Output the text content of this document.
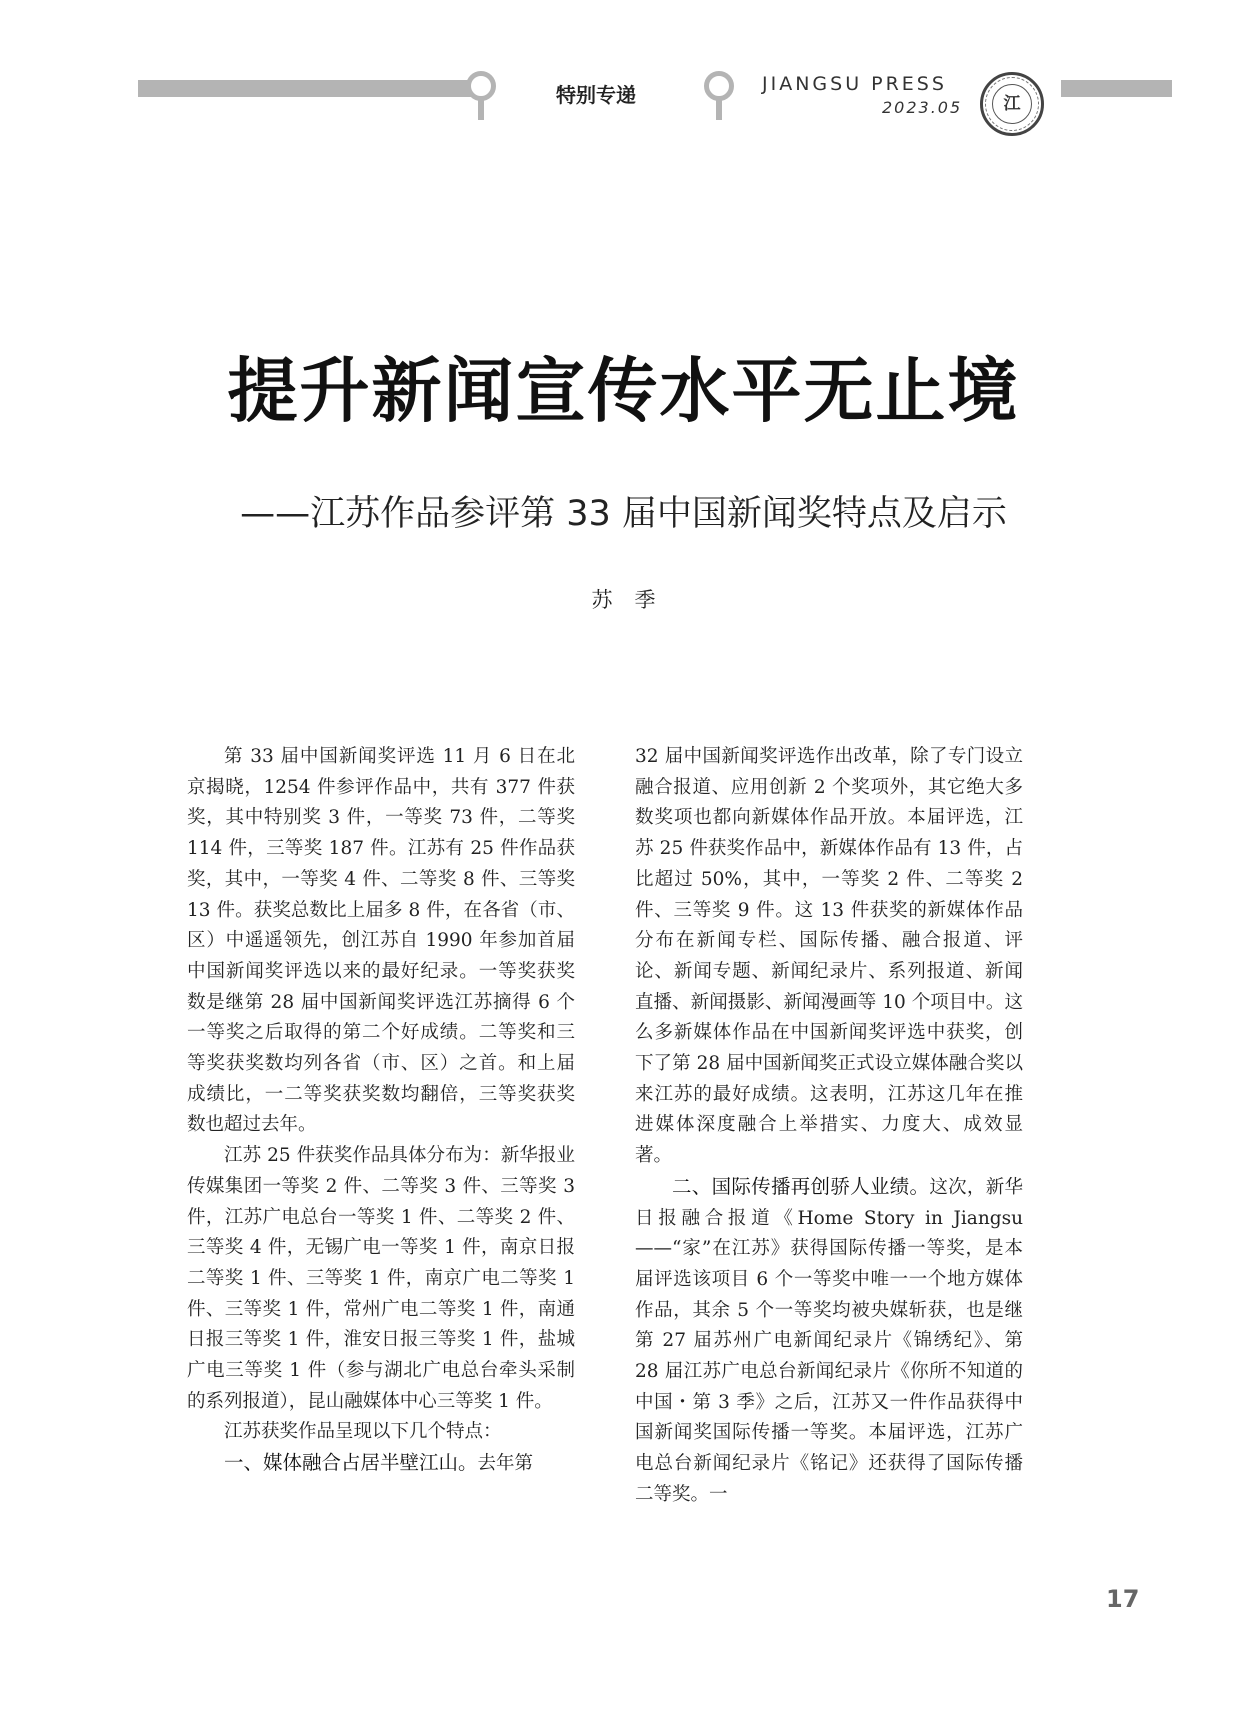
特别专递	JIANGSU PRESS
2023.05	江
提升新闻宣传水平无止境
——江苏作品参评第 33 届中国新闻奖特点及启示
苏季

第 33 届中国新闻奖评选 11 月 6 日在北京揭晓，1254 件参评作品中，共有 377 件获奖，其中特别奖 3 件，一等奖 73 件，二等奖 114 件，三等奖 187 件。江苏有 25 件作品获奖，其中，一等奖 4 件、二等奖 8 件、三等奖 13 件。获奖总数比上届多 8 件，在各省（市、区）中遥遥领先，创江苏自 1990 年参加首届中国新闻奖评选以来的最好纪录。一等奖获奖数是继第 28 届中国新闻奖评选江苏摘得 6 个一等奖之后取得的第二个好成绩。二等奖和三等奖获奖数均列各省（市、区）之首。和上届成绩比，一二等奖获奖数均翻倍，三等奖获奖数也超过去年。

江苏 25 件获奖作品具体分布为：新华报业传媒集团一等奖 2 件、二等奖 3 件、三等奖 3 件，江苏广电总台一等奖 1 件、二等奖 2 件、三等奖 4 件，无锡广电一等奖 1 件，南京日报二等奖 1 件、三等奖 1 件，南京广电二等奖 1 件、三等奖 1 件，常州广电二等奖 1 件，南通日报三等奖 1 件，淮安日报三等奖 1 件，盐城广电三等奖 1 件（参与湖北广电总台牵头采制的系列报道），昆山融媒体中心三等奖 1 件。

江苏获奖作品呈现以下几个特点：

一、媒体融合占居半壁江山。去年第

32 届中国新闻奖评选作出改革，除了专门设立融合报道、应用创新 2 个奖项外，其它绝大多数奖项也都向新媒体作品开放。本届评选，江苏 25 件获奖作品中，新媒体作品有 13 件，占比超过 50%，其中，一等奖 2 件、二等奖 2 件、三等奖 9 件。这 13 件获奖的新媒体作品分布在新闻专栏、国际传播、融合报道、评论、新闻专题、新闻纪录片、系列报道、新闻直播、新闻摄影、新闻漫画等 10 个项目中。这么多新媒体作品在中国新闻奖评选中获奖，创下了第 28 届中国新闻奖正式设立媒体融合奖以来江苏的最好成绩。这表明，江苏这几年在推进媒体深度融合上举措实、力度大、成效显著。

二、国际传播再创骄人业绩。这次，新华日报融合报道《Home Story in Jiangsu——“家”在江苏》获得国际传播一等奖，是本届评选该项目 6 个一等奖中唯一一个地方媒体作品，其余 5 个一等奖均被央媒斩获，也是继第 27 届苏州广电新闻纪录片《锦绣纪》、第 28 届江苏广电总台新闻纪录片《你所不知道的中国・第 3 季》之后，江苏又一件作品获得中国新闻奖国际传播一等奖。本届评选，江苏广电总台新闻纪录片《铭记》还获得了国际传播二等奖。一

17
